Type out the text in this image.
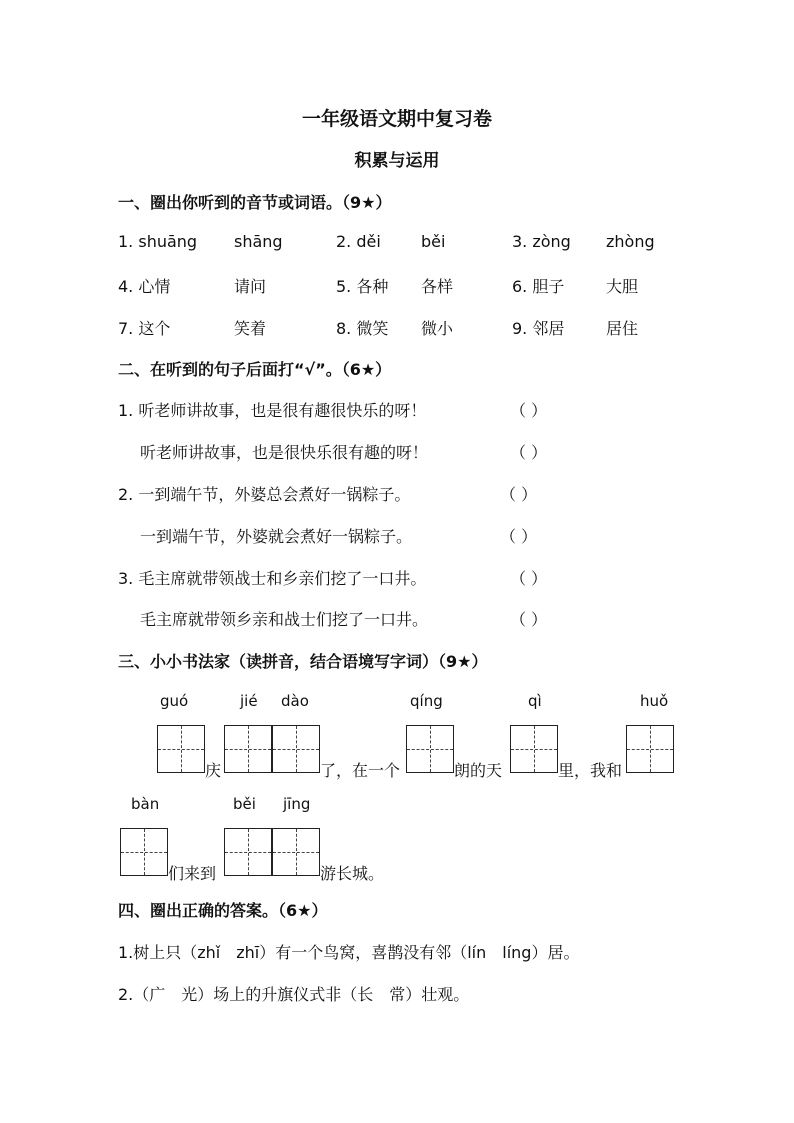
一年级语文期中复习卷
积累与运用
一、圈出你听到的音节或词语。（9★）
1. shuāng shāng	2. děi	běi	3. zòng zhòng
4. 心情	请问	5. 各种 各样	6. 胆子	大胆
7. 这个	笑着	8. 微笑 微小	9. 邻居	居住
二、在听到的句子后面打“√”。（6★）
1. 听老师讲故事，也是很有趣很快乐的呀！	（ ）
听老师讲故事，也是很快乐很有趣的呀！	（ ）
2. 一到端午节，外婆总会煮好一锅粽子。	（ ）
一到端午节，外婆就会煮好一锅粽子。	（ ）
3. 毛主席就带领战士和乡亲们挖了一口井。	（ ）
毛主席就带领乡亲和战士们挖了一口井。	（ ）
三、小小书法家（读拼音，结合语境写字词）（9★）
guó	jié dào	qíng	qì	huǒ
庆	了，在一个	朗的天	里，我和
bàn	běi jīng
们来到	游长城。
四、圈出正确的答案。（6★）
1.树上只（zhǐ　zhī）有一个鸟窝，喜鹊没有邻（lín　líng）居。
2.（广　光）场上的升旗仪式非（长　常）壮观。
